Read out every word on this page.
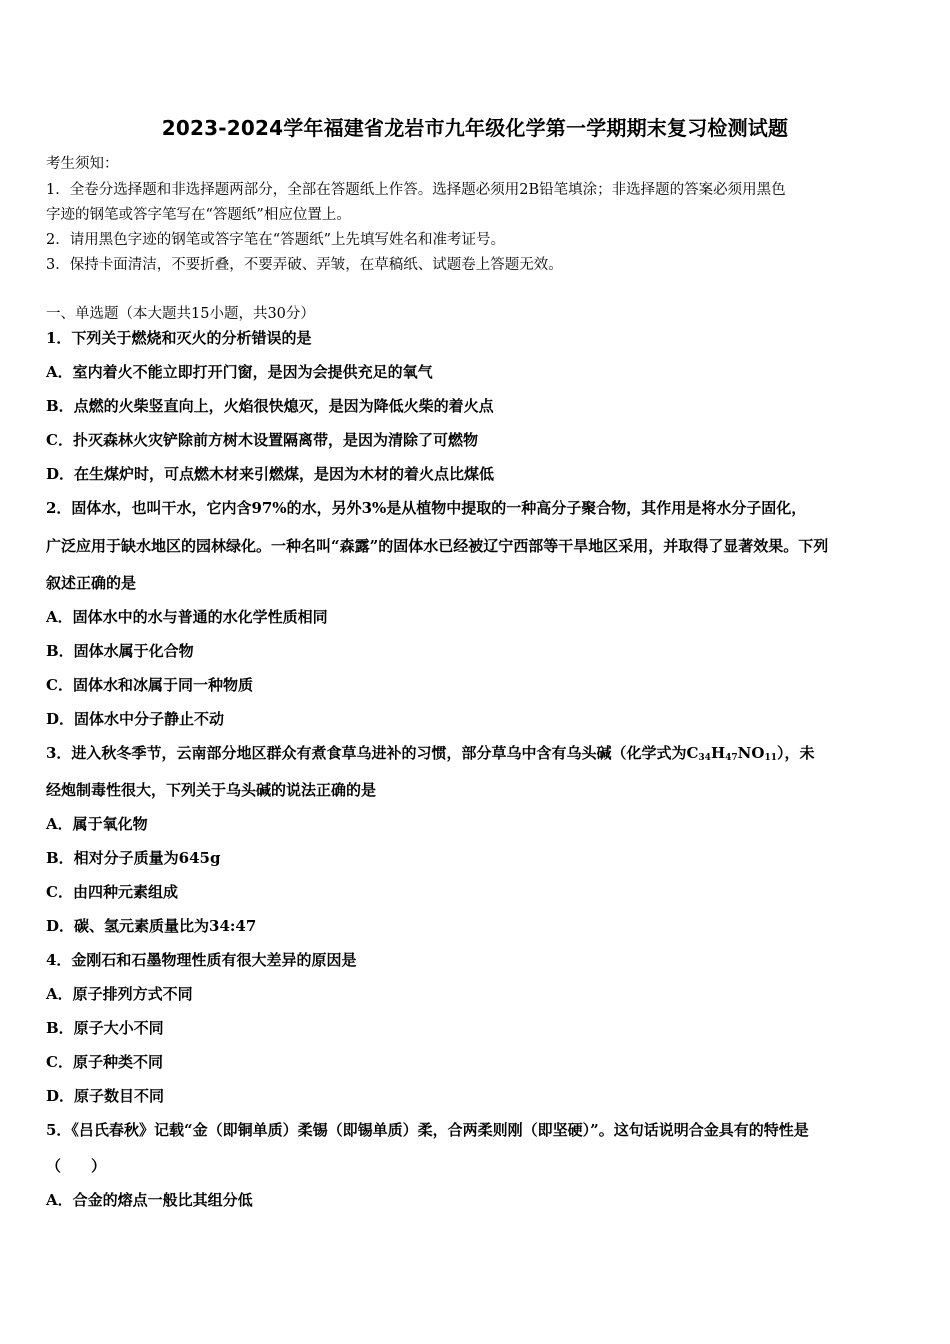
2023-2024学年福建省龙岩市九年级化学第一学期期末复习检测试题
考生须知：
1．全卷分选择题和非选择题两部分，全部在答题纸上作答。选择题必须用2B铅笔填涂；非选择题的答案必须用黑色
字迹的钢笔或答字笔写在“答题纸”相应位置上。
2．请用黑色字迹的钢笔或答字笔在“答题纸”上先填写姓名和准考证号。
3．保持卡面清洁，不要折叠，不要弄破、弄皱，在草稿纸、试题卷上答题无效。
一、单选题（本大题共15小题，共30分）
1．下列关于燃烧和灭火的分析错误的是
A．室内着火不能立即打开门窗，是因为会提供充足的氧气
B．点燃的火柴竖直向上，火焰很快熄灭，是因为降低火柴的着火点
C．扑灭森林火灾铲除前方树木设置隔离带，是因为清除了可燃物
D．在生煤炉时，可点燃木材来引燃煤，是因为木材的着火点比煤低
2．固体水，也叫干水，它内含97%的水，另外3%是从植物中提取的一种高分子聚合物，其作用是将水分子固化，
广泛应用于缺水地区的园林绿化。一种名叫“森露”的固体水已经被辽宁西部等干旱地区采用，并取得了显著效果。下列
叙述正确的是
A．固体水中的水与普通的水化学性质相同
B．固体水属于化合物
C．固体水和冰属于同一种物质
D．固体水中分子静止不动
3．进入秋冬季节，云南部分地区群众有煮食草乌进补的习惯，部分草乌中含有乌头碱（化学式为$C_{34}H_{47}NO_{11}$），未
经炮制毒性很大，下列关于乌头碱的说法正确的是
A．属于氧化物
B．相对分子质量为645g
C．由四种元素组成
D．碳、氢元素质量比为34:47
4．金刚石和石墨物理性质有很大差异的原因是
A．原子排列方式不同
B．原子大小不同
C．原子种类不同
D．原子数目不同
5．《吕氏春秋》记载“金（即铜单质）柔锡（即锡单质）柔，合两柔则刚（即坚硬）”。这句话说明合金具有的特性是
（　　）
A．合金的熔点一般比其组分低
